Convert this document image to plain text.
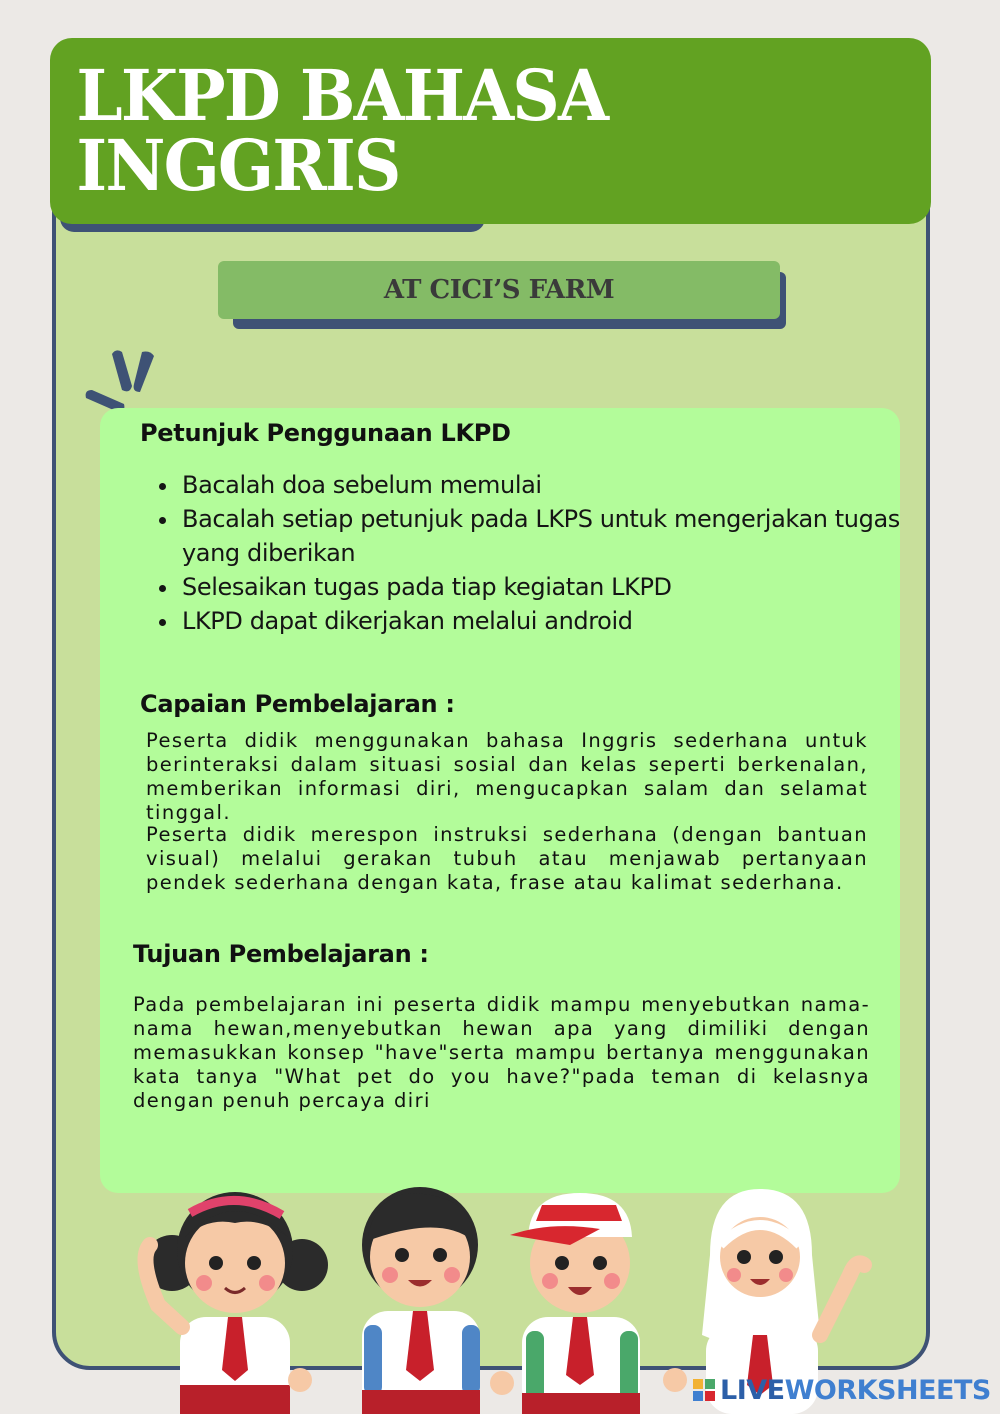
LKPD BAHASA INGGRIS
AT CICI’S FARM
Petunjuk Penggunaan LKPD
• Bacalah doa sebelum memulai
• Bacalah setiap petunjuk pada LKPS untuk mengerjakan tugas yang diberikan
• Selesaikan tugas pada tiap kegiatan LKPD
• LKPD dapat dikerjakan melalui android
Capaian Pembelajaran :

Peserta didik menggunakan bahasa Inggris sederhana untuk berinteraksi dalam situasi sosial dan kelas seperti berkenalan, memberikan informasi diri, mengucapkan salam dan selamat tinggal.

Peserta didik merespon instruksi sederhana (dengan bantuan visual) melalui gerakan tubuh atau menjawab pertanyaan pendek sederhana dengan kata, frase atau kalimat sederhana.

Tujuan Pembelajaran :

Pada pembelajaran ini peserta didik mampu menyebutkan nama-nama hewan,menyebutkan hewan apa yang dimiliki dengan memasukkan konsep "have"serta mampu bertanya menggunakan kata tanya "What pet do you have?"pada teman di kelasnya dengan penuh percaya diri

LIVEWORKSHEETS
